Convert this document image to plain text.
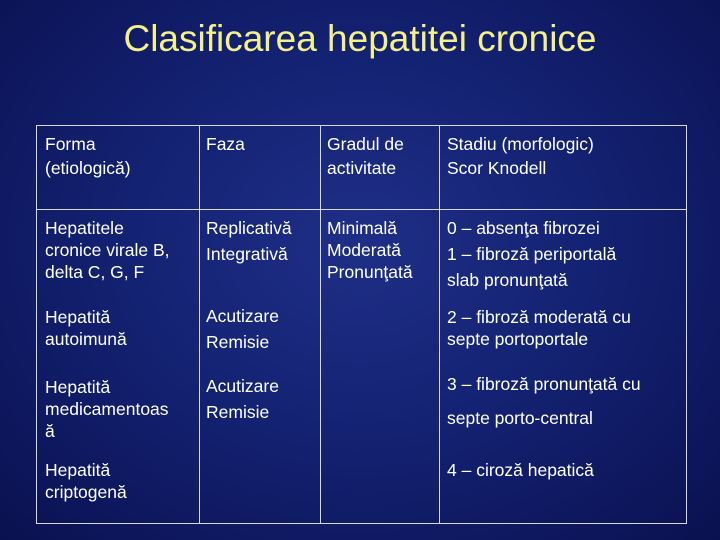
Clasificarea hepatitei cronice
Forma
(etiologică)
Faza	Gradul de
activitate
Stadiu (morfologic)
Scor Knodell
Hepatitele
cronice virale B,
delta C, G, F
Replicativă
Integrativă
Minimală
Moderată
Pronunţată
0 – absenţa fibrozei
1 – fibroză periportală
slab pronunţată
Hepatită
autoimună
Acutizare
Remisie
2 – fibroză moderată cu
septe portoportale
Hepatită
medicamentoas
ă
Acutizare
Remisie
3 – fibroză pronunţată cu

septe porto-central
Hepatită
criptogenă
4 – ciroză hepatică
